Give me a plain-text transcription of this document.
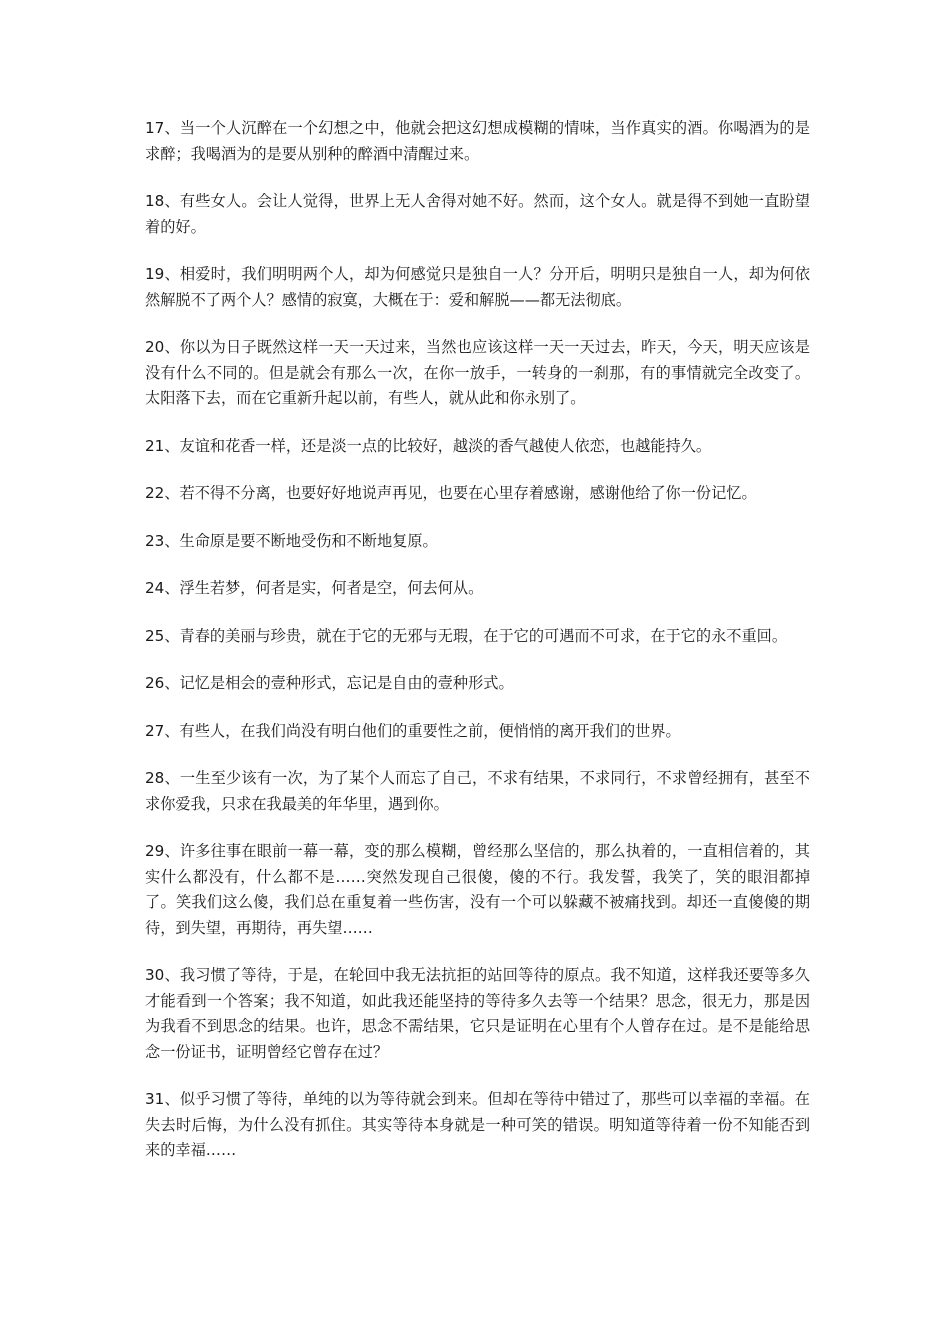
17、当一个人沉醉在一个幻想之中，他就会把这幻想成模糊的情味，当作真实的酒。你喝酒为的是求醉；我喝酒为的是要从别种的醉酒中清醒过来。

18、有些女人。会让人觉得，世界上无人舍得对她不好。然而，这个女人。就是得不到她一直盼望着的好。

19、相爱时，我们明明两个人，却为何感觉只是独自一人？分开后，明明只是独自一人，却为何依然解脱不了两个人？感情的寂寞，大概在于：爱和解脱——都无法彻底。

20、你以为日子既然这样一天一天过来，当然也应该这样一天一天过去，昨天，今天，明天应该是没有什么不同的。但是就会有那么一次，在你一放手，一转身的一刹那，有的事情就完全改变了。太阳落下去，而在它重新升起以前，有些人，就从此和你永别了。

21、友谊和花香一样，还是淡一点的比较好，越淡的香气越使人依恋，也越能持久。

22、若不得不分离，也要好好地说声再见，也要在心里存着感谢，感谢他给了你一份记忆。

23、生命原是要不断地受伤和不断地复原。

24、浮生若梦，何者是实，何者是空，何去何从。

25、青春的美丽与珍贵，就在于它的无邪与无瑕，在于它的可遇而不可求，在于它的永不重回。

26、记忆是相会的壹种形式，忘记是自由的壹种形式。

27、有些人，在我们尚没有明白他们的重要性之前，便悄悄的离开我们的世界。

28、一生至少该有一次，为了某个人而忘了自己，不求有结果，不求同行，不求曾经拥有，甚至不求你爱我，只求在我最美的年华里，遇到你。

29、许多往事在眼前一幕一幕，变的那么模糊，曾经那么坚信的，那么执着的，一直相信着的，其实什么都没有，什么都不是……突然发现自己很傻，傻的不行。我发誓，我笑了，笑的眼泪都掉了。笑我们这么傻，我们总在重复着一些伤害，没有一个可以躲藏不被痛找到。却还一直傻傻的期待，到失望，再期待，再失望……

30、我习惯了等待，于是，在轮回中我无法抗拒的站回等待的原点。我不知道，这样我还要等多久才能看到一个答案；我不知道，如此我还能坚持的等待多久去等一个结果？思念，很无力，那是因为我看不到思念的结果。也许，思念不需结果，它只是证明在心里有个人曾存在过。是不是能给思念一份证书，证明曾经它曾存在过？

31、似乎习惯了等待，单纯的以为等待就会到来。但却在等待中错过了，那些可以幸福的幸福。在失去时后悔，为什么没有抓住。其实等待本身就是一种可笑的错误。明知道等待着一份不知能否到来的幸福……
